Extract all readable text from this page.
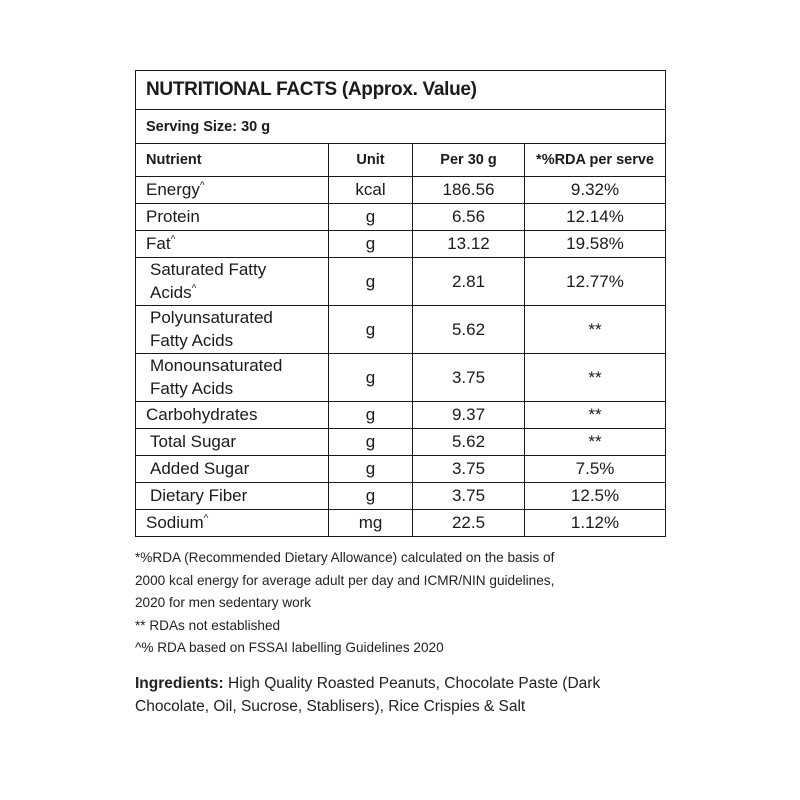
NUTRITIONAL FACTS (Approx. Value)			
Serving Size: 30 g			
Nutrient	Unit	Per 30 g	*%RDA per serve
Energy^	kcal	186.56	9.32%
Protein	g	6.56	12.14%
Fat^	g	13.12	19.58%
Saturated Fatty
Acids^	g	2.81	12.77%
Polyunsaturated
Fatty Acids	g	5.62	**
Monounsaturated
Fatty Acids	g	3.75	**
Carbohydrates	g	9.37	**
Total Sugar	g	5.62	**
Added Sugar	g	3.75	7.5%
Dietary Fiber	g	3.75	12.5%
Sodium^	mg	22.5	1.12%
*%RDA (Recommended Dietary Allowance) calculated on the basis of
2000 kcal energy for average adult per day and ICMR/NIN guidelines,
2020 for men sedentary work
** RDAs not established
^% RDA based on FSSAI labelling Guidelines 2020
Ingredients: High Quality Roasted Peanuts, Chocolate Paste (Dark
Chocolate, Oil, Sucrose, Stablisers), Rice Crispies & Salt
